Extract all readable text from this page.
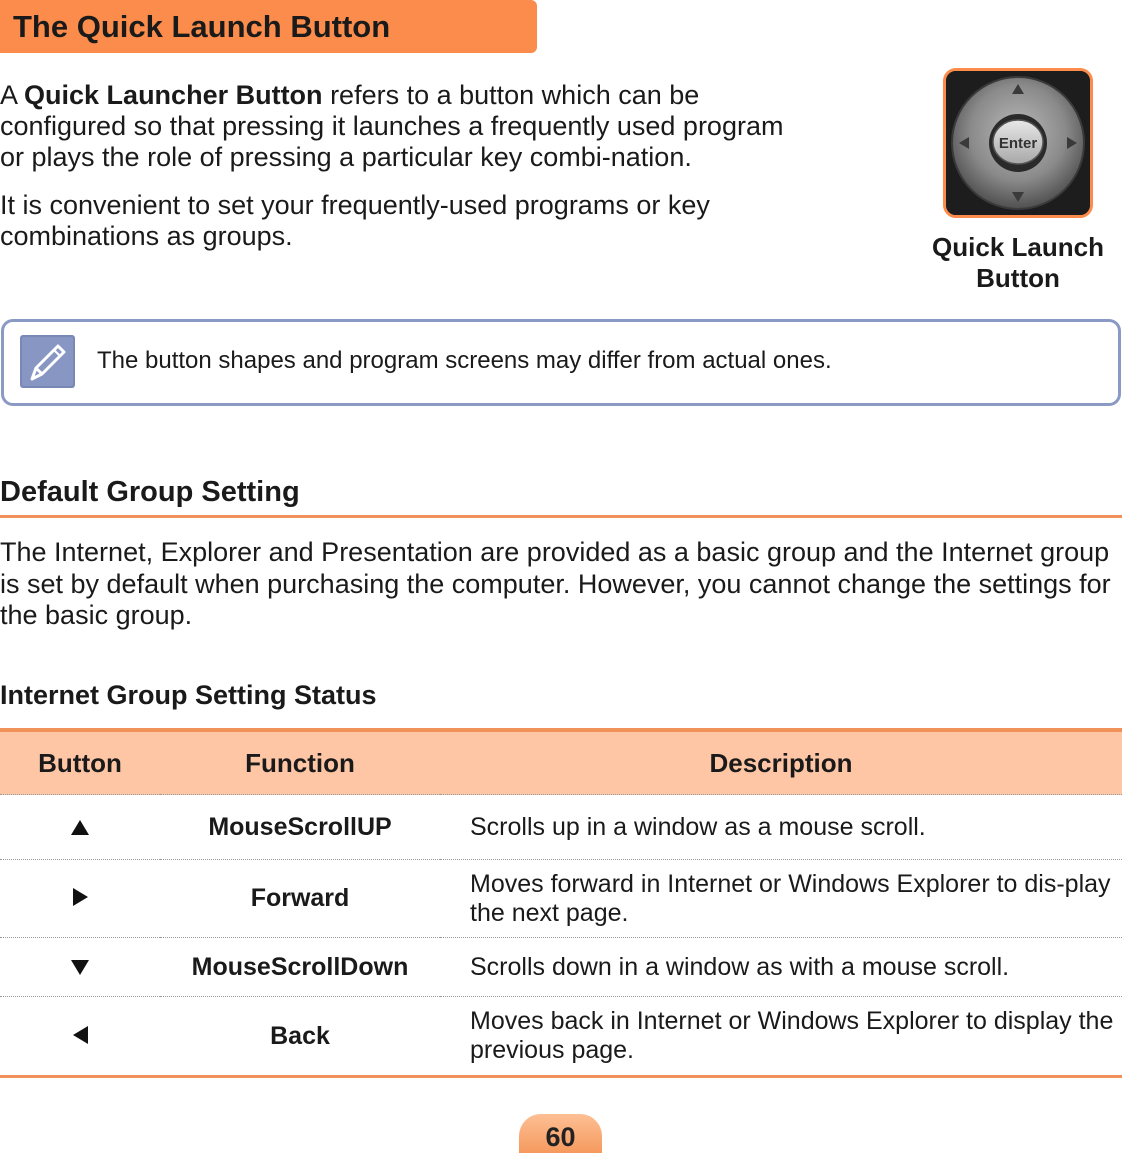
The Quick Launch Button

A Quick Launcher Button refers to a button which can be configured so that pressing it launches a frequently used program or plays the role of pressing a particular key combi-nation.

It is convenient to set your frequently-used programs or key combinations as groups.

Enter
Quick Launch
Button
The button shapes and program screens may differ from actual ones.
Default Group Setting

The Internet, Explorer and Presentation are provided as a basic group and the Internet group is set by default when purchasing the computer. However, you cannot change the settings for the basic group.

Internet Group Setting Status
Button	Function	Description
	MouseScrollUP	Scrolls up in a window as a mouse scroll.
	Forward	Moves forward in Internet or Windows Explorer to dis-play the next page.
	MouseScrollDown	Scrolls down in a window as with a mouse scroll.
	Back	Moves back in Internet or Windows Explorer to display the previous page.
60
